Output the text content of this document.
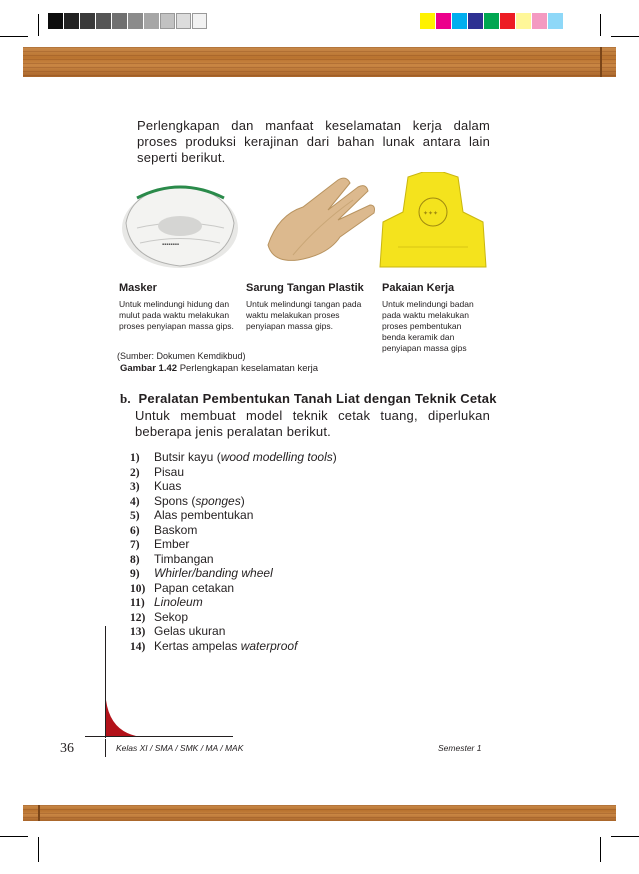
Perlengkapan dan manfaat keselamatan kerja dalam proses produksi kerajinan dari bahan lunak antara lain seperti berikut.
▪▪▪▪▪▪▪▪
✦✦✦
Masker	Sarung Tangan Plastik Pakaian Kerja
Untuk melindungi hidung dan mulut pada waktu melakukan proses penyiapan massa gips.
Untuk melindungi tangan pada waktu melakukan proses penyiapan massa gips.
Untuk melindungi badan pada waktu melakukan proses pembentukan benda keramik dan penyiapan massa gips
(Sumber: Dokumen Kemdikbud)
Gambar 1.42 Perlengkapan keselamatan kerja
b. Peralatan Pembentukan Tanah Liat dengan Teknik Cetak
Untuk membuat model teknik cetak tuang, diperlukan beberapa jenis peralatan berikut.
1) Butsir kayu (wood modelling tools)
2) Pisau
3) Kuas
4) Spons (sponges)
5) Alas pembentukan
6) Baskom
7) Ember
8) Timbangan
9) Whirler/banding wheel
10) Papan cetakan
11) Linoleum
12) Sekop
13) Gelas ukuran
14) Kertas ampelas waterproof
36	Kelas XI / SMA / SMK / MA / MAK	Semester 1
